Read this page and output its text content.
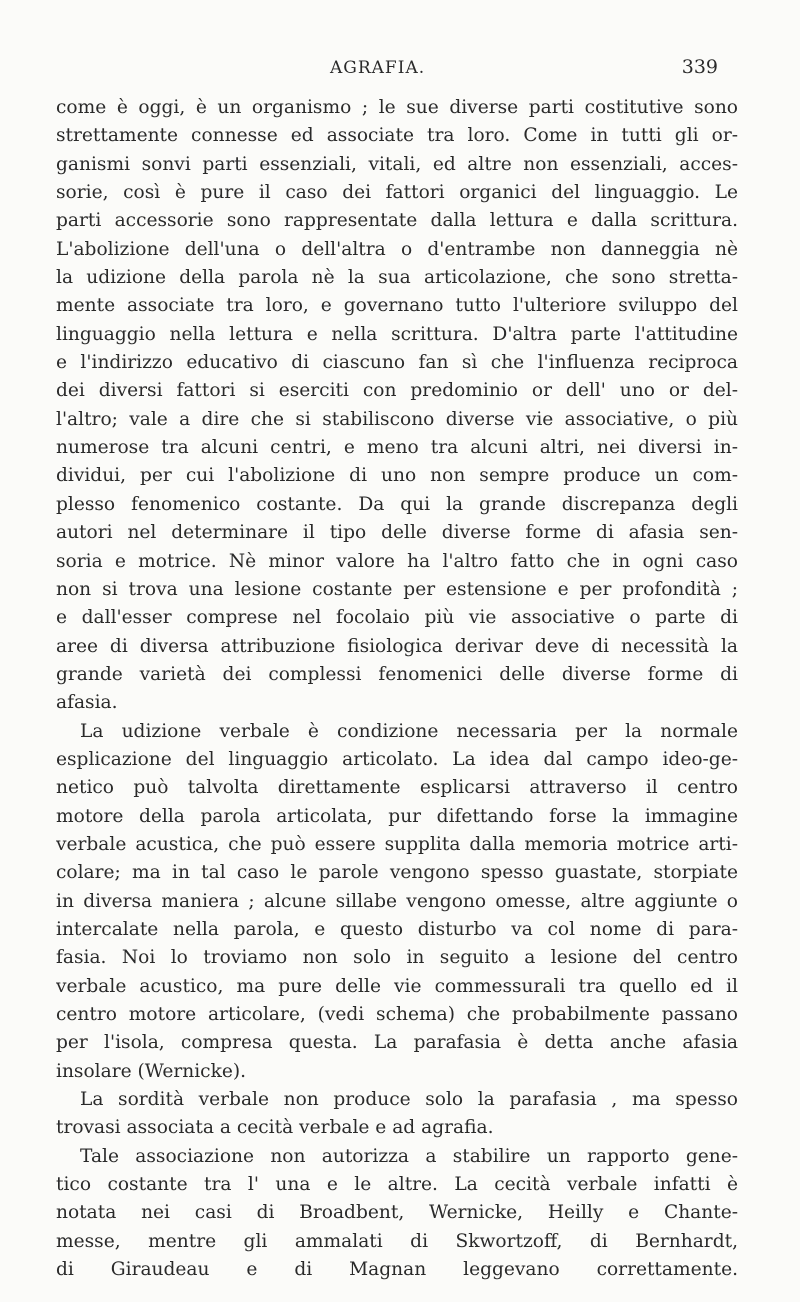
AGRAFIA.	339
come è oggi, è un organismo ; le sue diverse parti costitutive sono
strettamente connesse ed associate tra loro. Come in tutti gli or-
ganismi sonvi parti essenziali, vitali, ed altre non essenziali, acces-
sorie, così è pure il caso dei fattori organici del linguaggio. Le
parti accessorie sono rappresentate dalla lettura e dalla scrittura.
L'abolizione dell'una o dell'altra o d'entrambe non danneggia nè
la udizione della parola nè la sua articolazione, che sono stretta-
mente associate tra loro, e governano tutto l'ulteriore sviluppo del
linguaggio nella lettura e nella scrittura. D'altra parte l'attitudine
e l'indirizzo educativo di ciascuno fan sì che l'influenza reciproca
dei diversi fattori si eserciti con predominio or dell' uno or del-
l'altro; vale a dire che si stabiliscono diverse vie associative, o più
numerose tra alcuni centri, e meno tra alcuni altri, nei diversi in-
dividui, per cui l'abolizione di uno non sempre produce un com-
plesso fenomenico costante. Da qui la grande discrepanza degli
autori nel determinare il tipo delle diverse forme di afasia sen-
soria e motrice. Nè minor valore ha l'altro fatto che in ogni caso
non si trova una lesione costante per estensione e per profondità ;
e dall'esser comprese nel focolaio più vie associative o parte di
aree di diversa attribuzione fisiologica derivar deve di necessità la
grande varietà dei complessi fenomenici delle diverse forme di
afasia.
La udizione verbale è condizione necessaria per la normale
esplicazione del linguaggio articolato. La idea dal campo ideo-ge-
netico può talvolta direttamente esplicarsi attraverso il centro
motore della parola articolata, pur difettando forse la immagine
verbale acustica, che può essere supplita dalla memoria motrice arti-
colare; ma in tal caso le parole vengono spesso guastate, storpiate
in diversa maniera ; alcune sillabe vengono omesse, altre aggiunte o
intercalate nella parola, e questo disturbo va col nome di para-
fasia. Noi lo troviamo non solo in seguito a lesione del centro
verbale acustico, ma pure delle vie commessurali tra quello ed il
centro motore articolare, (vedi schema) che probabilmente passano
per l'isola, compresa questa. La parafasia è detta anche afasia
insolare (Wernicke).
La sordità verbale non produce solo la parafasia , ma spesso
trovasi associata a cecità verbale e ad agrafia.
Tale associazione non autorizza a stabilire un rapporto gene-
tico costante tra l' una e le altre. La cecità verbale infatti è
notata nei casi di Broadbent, Wernicke, Heilly e Chante-
messe, mentre gli ammalati di Skwortzoff, di Bernhardt,
di Giraudeau e di Magnan leggevano correttamente.
